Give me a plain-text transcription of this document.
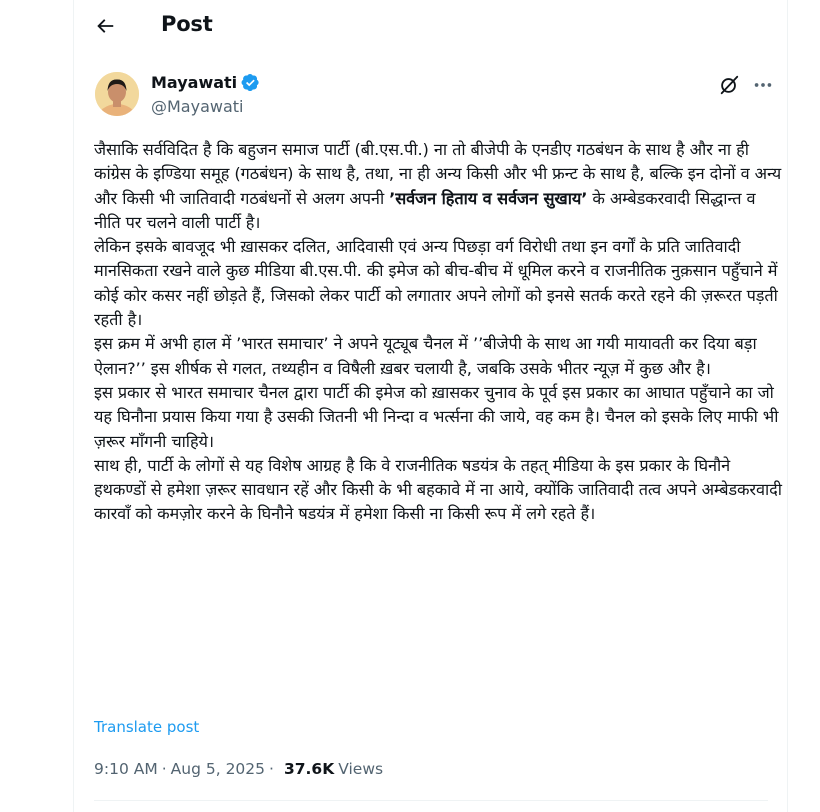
Post
Mayawati
@Mayawati

जैसाकि सर्वविदित है कि बहुजन समाज पार्टी (बी.एस.पी.) ना तो बीजेपी के एनडीए गठबंधन के साथ है और ना ही कांग्रेस के इण्डिया समूह (गठबंधन) के साथ है, तथा, ना ही अन्य किसी और भी फ्रन्ट के साथ है, बल्कि इन दोनों व अन्य और किसी भी जातिवादी गठबंधनों से अलग अपनी ’सर्वजन हिताय व सर्वजन सुखाय’ के अम्बेडकरवादी सिद्धान्त व नीति पर चलने वाली पार्टी है।

लेकिन इसके बावजूद भी ख़ासकर दलित, आदिवासी एवं अन्य पिछड़ा वर्ग विरोधी तथा इन वर्गों के प्रति जातिवादी मानसिकता रखने वाले कुछ मीडिया बी.एस.पी. की इमेज को बीच-बीच में धूमिल करने व राजनीतिक नुक़सान पहुँचाने में कोई कोर कसर नहीं छोड़ते हैं, जिसको लेकर पार्टी को लगातार अपने लोगों को इनसे सतर्क करते रहने की ज़रूरत पड़ती रहती है।

इस क्रम में अभी हाल में ’भारत समाचार’ ने अपने यूट्यूब चैनल में ’’बीजेपी के साथ आ गयी मायावती कर दिया बड़ा ऐलान?’’ इस शीर्षक से गलत, तथ्यहीन व विषैली ख़बर चलायी है, जबकि उसके भीतर न्यूज़ में कुछ और है।

इस प्रकार से भारत समाचार चैनल द्वारा पार्टी की इमेज को ख़ासकर चुनाव के पूर्व इस प्रकार का आघात पहुँचाने का जो यह घिनौना प्रयास किया गया है उसकी जितनी भी निन्दा व भर्त्सना की जाये, वह कम है। चैनल को इसके लिए माफी भी ज़रूर माँगनी चाहिये।

साथ ही, पार्टी के लोगों से यह विशेष आग्रह है कि वे राजनीतिक षडयंत्र के तहत् मीडिया के इस प्रकार के घिनौने हथकण्डों से हमेशा ज़रूर सावधान रहें और किसी के भी बहकावे में ना आये, क्योंकि जातिवादी तत्व अपने अम्बेडकरवादी कारवाँ को कमज़ोर करने के घिनौने षडयंत्र में हमेशा किसी ना किसी रूप में लगे रहते हैं।

Translate post
9:10 AM · Aug 5, 2025 · 37.6K Views
